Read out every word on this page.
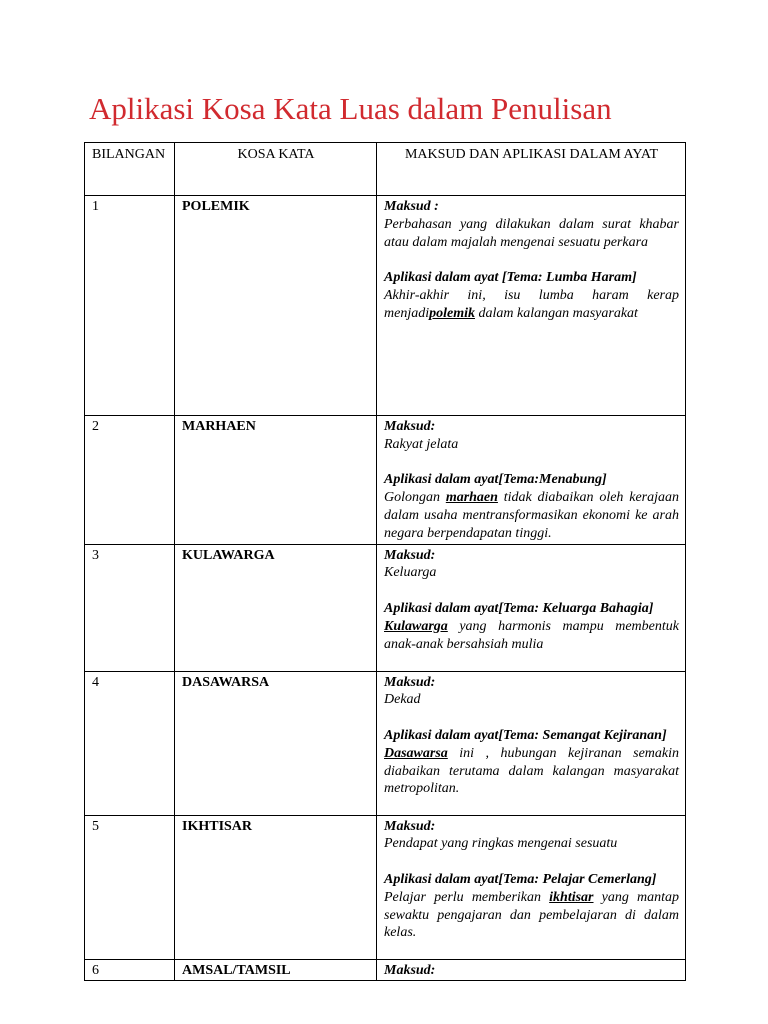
Aplikasi Kosa Kata Luas dalam Penulisan
BILANGAN	KOSA KATA	MAKSUD DAN APLIKASI DALAM AYAT
1	POLEMIK	Maksud :
Perbahasan yang dilakukan dalam surat khabar atau dalam majalah mengenai sesuatu perkara
Aplikasi dalam ayat [Tema: Lumba Haram]
Akhir-akhir ini, isu lumba haram kerap menjadipolemik dalam kalangan masyarakat

2	MARHAEN	Maksud:
Rakyat jelata
Aplikasi dalam ayat[Tema:Menabung]
Golongan marhaen tidak diabaikan oleh kerajaan dalam usaha mentransformasikan ekonomi ke arah negara berpendapatan tinggi.

3	KULAWARGA	Maksud:
Keluarga
Aplikasi dalam ayat[Tema: Keluarga Bahagia]
Kulawarga yang harmonis mampu membentuk anak-anak bersahsiah mulia

4	DASAWARSA	Maksud:
Dekad
Aplikasi dalam ayat[Tema: Semangat Kejiranan]
Dasawarsa ini , hubungan kejiranan semakin diabaikan terutama dalam kalangan masyarakat metropolitan.

5	IKHTISAR	Maksud:
Pendapat yang ringkas mengenai sesuatu
Aplikasi dalam ayat[Tema: Pelajar Cemerlang]
Pelajar perlu memberikan ikhtisar yang mantap sewaktu pengajaran dan pembelajaran di dalam kelas.

6	AMSAL/TAMSIL	Maksud:
